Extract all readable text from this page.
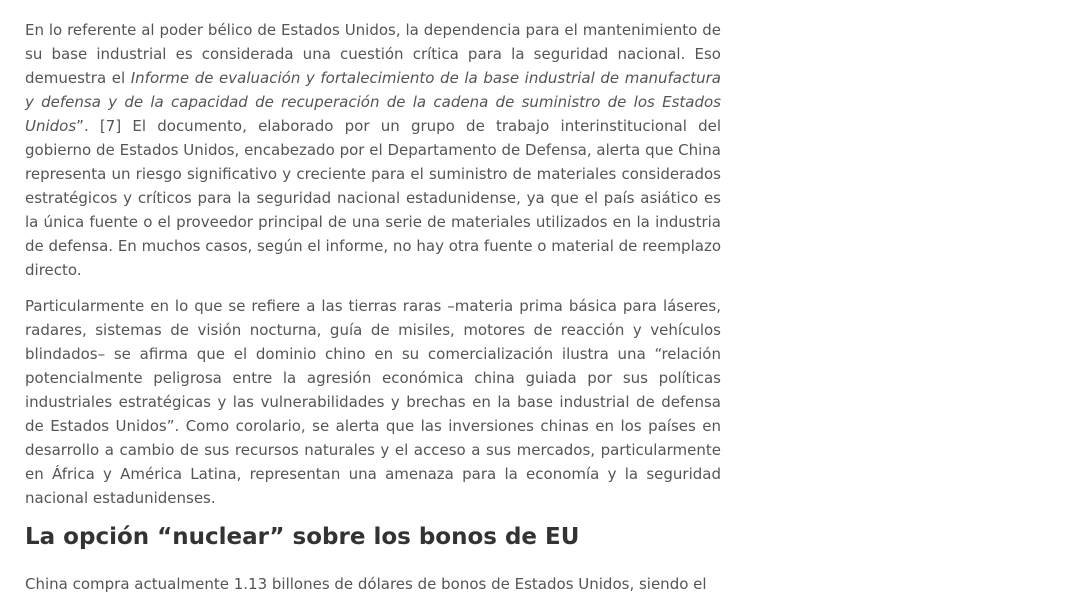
En lo referente al poder bélico de Estados Unidos, la dependencia para el mantenimiento de su base industrial es considerada una cuestión crítica para la seguridad nacional. Eso demuestra el Informe de evaluación y fortalecimiento de la base industrial de manufactura y defensa y de la capacidad de recuperación de la cadena de suministro de los Estados Unidos”. [7] El documento, elaborado por un grupo de trabajo interinstitucional del gobierno de Estados Unidos, encabezado por el Departamento de Defensa, alerta que China representa un riesgo significativo y creciente para el suministro de materiales considerados estratégicos y críticos para la seguridad nacional estadunidense, ya que el país asiático es la única fuente o el proveedor principal de una serie de materiales utilizados en la industria de defensa. En muchos casos, según el informe, no hay otra fuente o material de reemplazo directo.

Particularmente en lo que se refiere a las tierras raras –materia prima básica para láseres, radares, sistemas de visión nocturna, guía de misiles, motores de reacción y vehículos blindados– se afirma que el dominio chino en su comercialización ilustra una “relación potencialmente peligrosa entre la agresión económica china guiada por sus políticas industriales estratégicas y las vulnerabilidades y brechas en la base industrial de defensa de Estados Unidos”. Como corolario, se alerta que las inversiones chinas en los países en desarrollo a cambio de sus recursos naturales y el acceso a sus mercados, particularmente en África y América Latina, representan una amenaza para la economía y la seguridad nacional estadunidenses.

La opción “nuclear” sobre los bonos de EU

China compra actualmente 1.13 billones de dólares de bonos de Estados Unidos, siendo el
